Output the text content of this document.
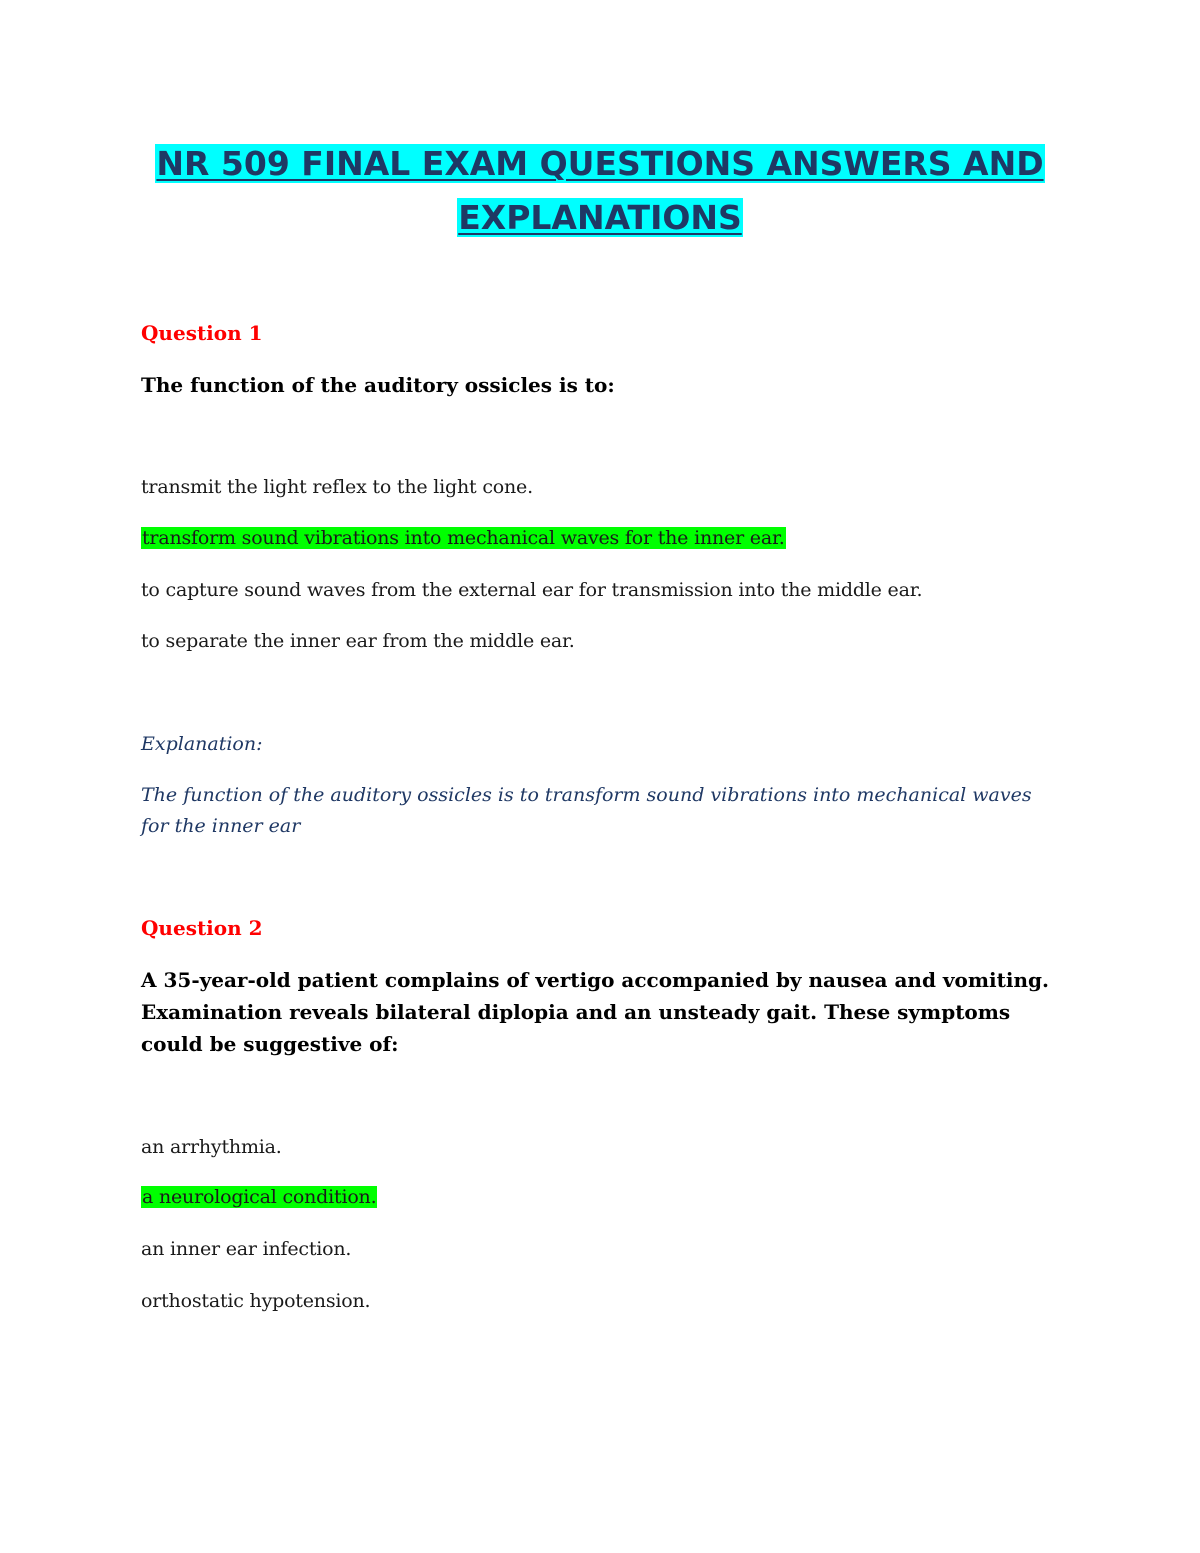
NR 509 FINAL EXAM QUESTIONS ANSWERS AND
EXPLANATIONS
Question 1
The function of the auditory ossicles is to:
transmit the light reflex to the light cone.
transform sound vibrations into mechanical waves for the inner ear.
to capture sound waves from the external ear for transmission into the middle ear.
to separate the inner ear from the middle ear.
Explanation:
The function of the auditory ossicles is to transform sound vibrations into mechanical waves for the inner ear
Question 2
A 35-year-old patient complains of vertigo accompanied by nausea and vomiting. Examination reveals bilateral diplopia and an unsteady gait. These symptoms could be suggestive of:
an arrhythmia.
a neurological condition.
an inner ear infection.
orthostatic hypotension.
